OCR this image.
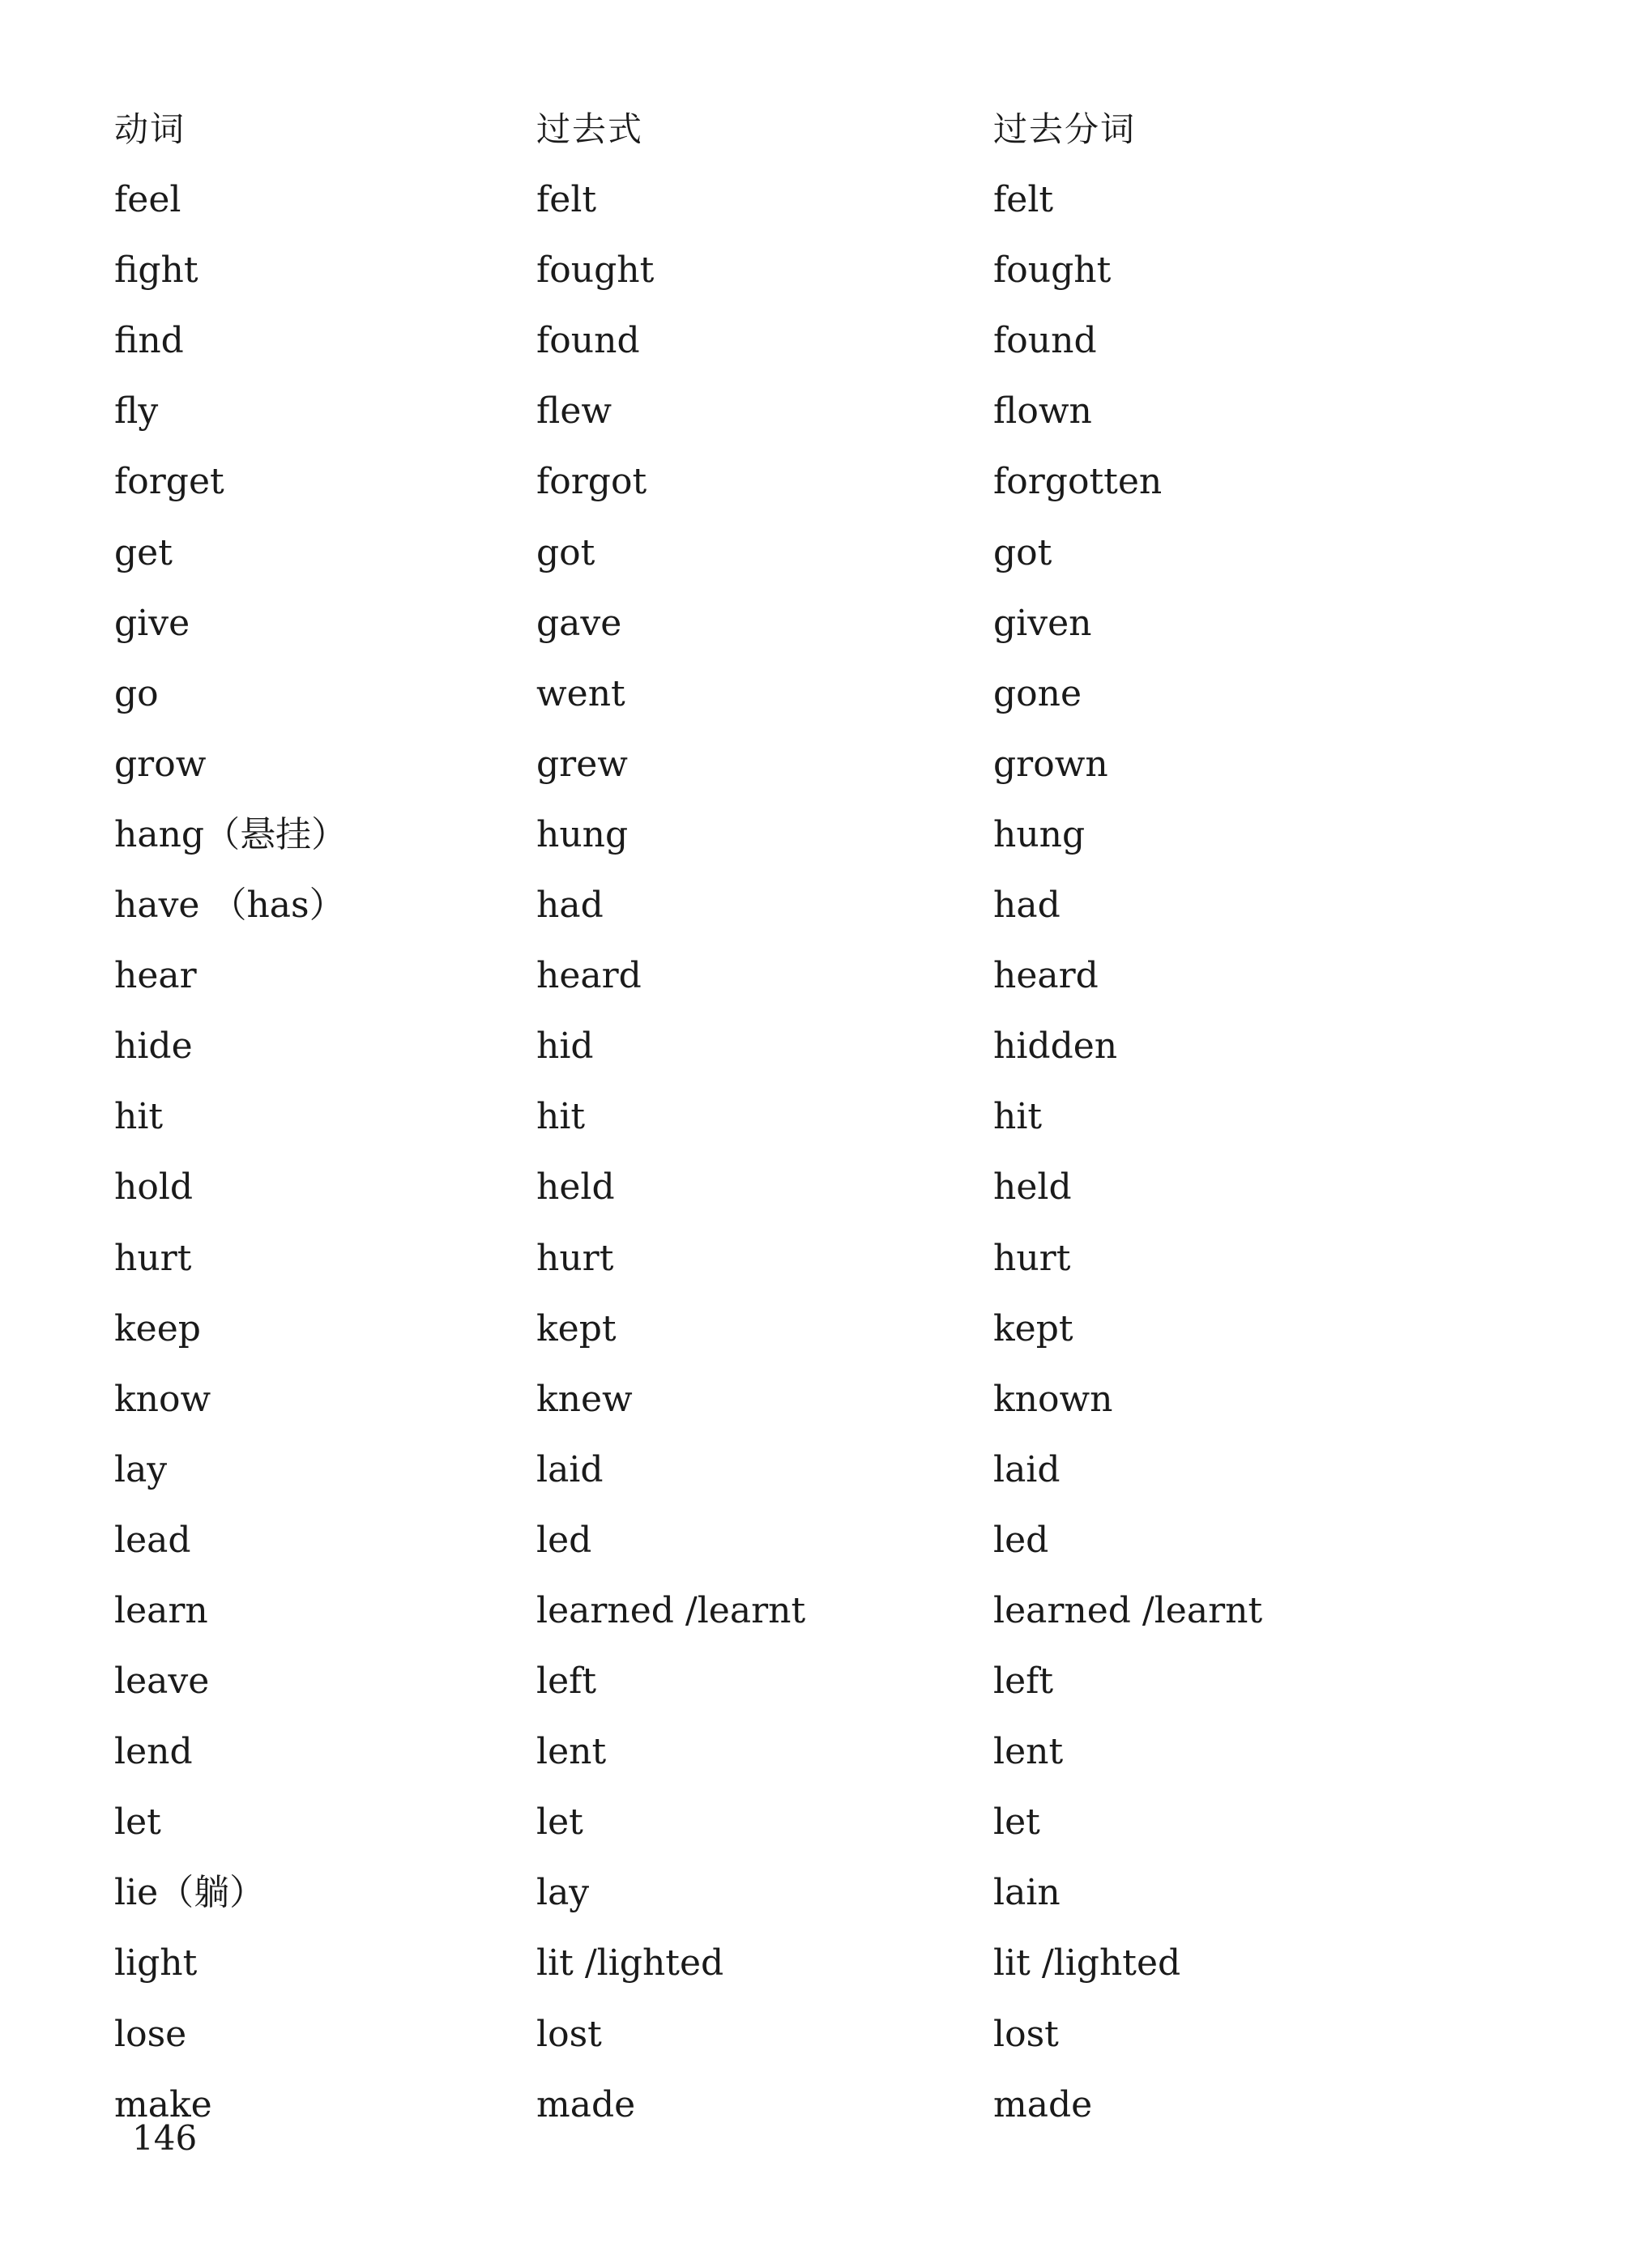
动词	过去式	过去分词
feel	felt	felt
fight	fought	fought
find	found	found
fly	flew	flown
forget	forgot	forgotten
get	got	got
give	gave	given
go	went	gone
grow	grew	grown
hang（悬挂）	hung	hung
have （has）	had	had
hear	heard	heard
hide	hid	hidden
hit	hit	hit
hold	held	held
hurt	hurt	hurt
keep	kept	kept
know	knew	known
lay	laid	laid
lead	led	led
learn	learned /learnt	learned /learnt
leave	left	left
lend	lent	lent
let	let	let
lie（躺）	lay	lain
light	lit /lighted	lit /lighted
lose	lost	lost
make	made	made
146
